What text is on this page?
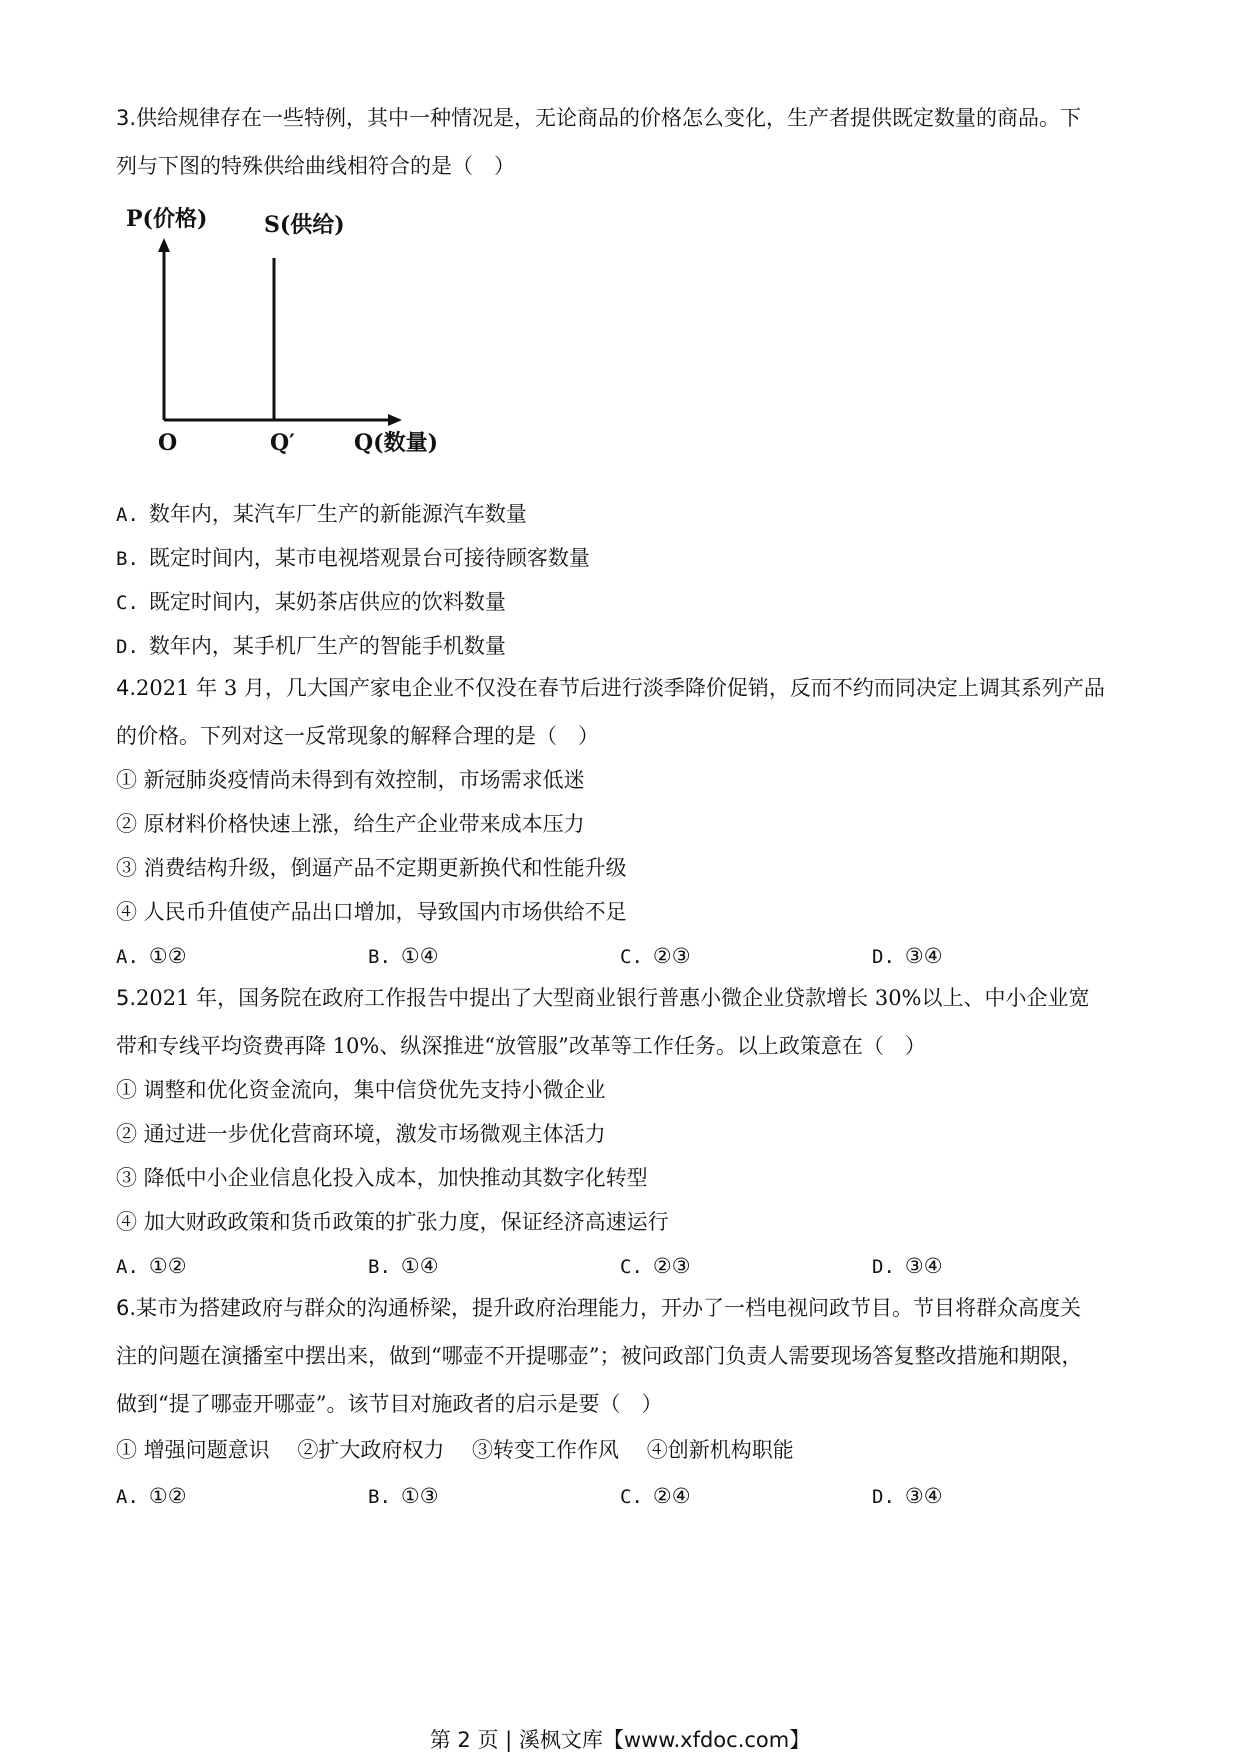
3.供给规律存在一些特例，其中一种情况是，无论商品的价格怎么变化，生产者提供既定数量的商品。下
列与下图的特殊供给曲线相符合的是（　）
P(价格)	S(供给)
O	Q′	Q(数量)
A. 数年内，某汽车厂生产的新能源汽车数量
B. 既定时间内，某市电视塔观景台可接待顾客数量
C. 既定时间内，某奶茶店供应的饮料数量
D. 数年内，某手机厂生产的智能手机数量
4.2021 年 3 月，几大国产家电企业不仅没在春节后进行淡季降价促销，反而不约而同决定上调其系列产品
的价格。下列对这一反常现象的解释合理的是（　）
① 新冠肺炎疫情尚未得到有效控制，市场需求低迷
② 原材料价格快速上涨，给生产企业带来成本压力
③ 消费结构升级，倒逼产品不定期更新换代和性能升级
④ 人民币升值使产品出口增加，导致国内市场供给不足
A. ①②	B. ①④	C. ②③	D. ③④
5.2021 年，国务院在政府工作报告中提出了大型商业银行普惠小微企业贷款增长 30%以上、中小企业宽
带和专线平均资费再降 10%、纵深推进“放管服”改革等工作任务。以上政策意在（　）
① 调整和优化资金流向，集中信贷优先支持小微企业
② 通过进一步优化营商环境，激发市场微观主体活力
③ 降低中小企业信息化投入成本，加快推动其数字化转型
④ 加大财政政策和货币政策的扩张力度，保证经济高速运行
A. ①②	B. ①④	C. ②③	D. ③④
6.某市为搭建政府与群众的沟通桥梁，提升政府治理能力，开办了一档电视问政节目。节目将群众高度关
注的问题在演播室中摆出来，做到“哪壶不开提哪壶”；被问政部门负责人需要现场答复整改措施和期限，
做到“提了哪壶开哪壶”。该节目对施政者的启示是要（　）
① 增强问题意识　 ②扩大政府权力　 ③转变工作作风　 ④创新机构职能
A. ①②	B. ①③	C. ②④	D. ③④
第 2 页 | 溪枫文库【www.xfdoc.com】
